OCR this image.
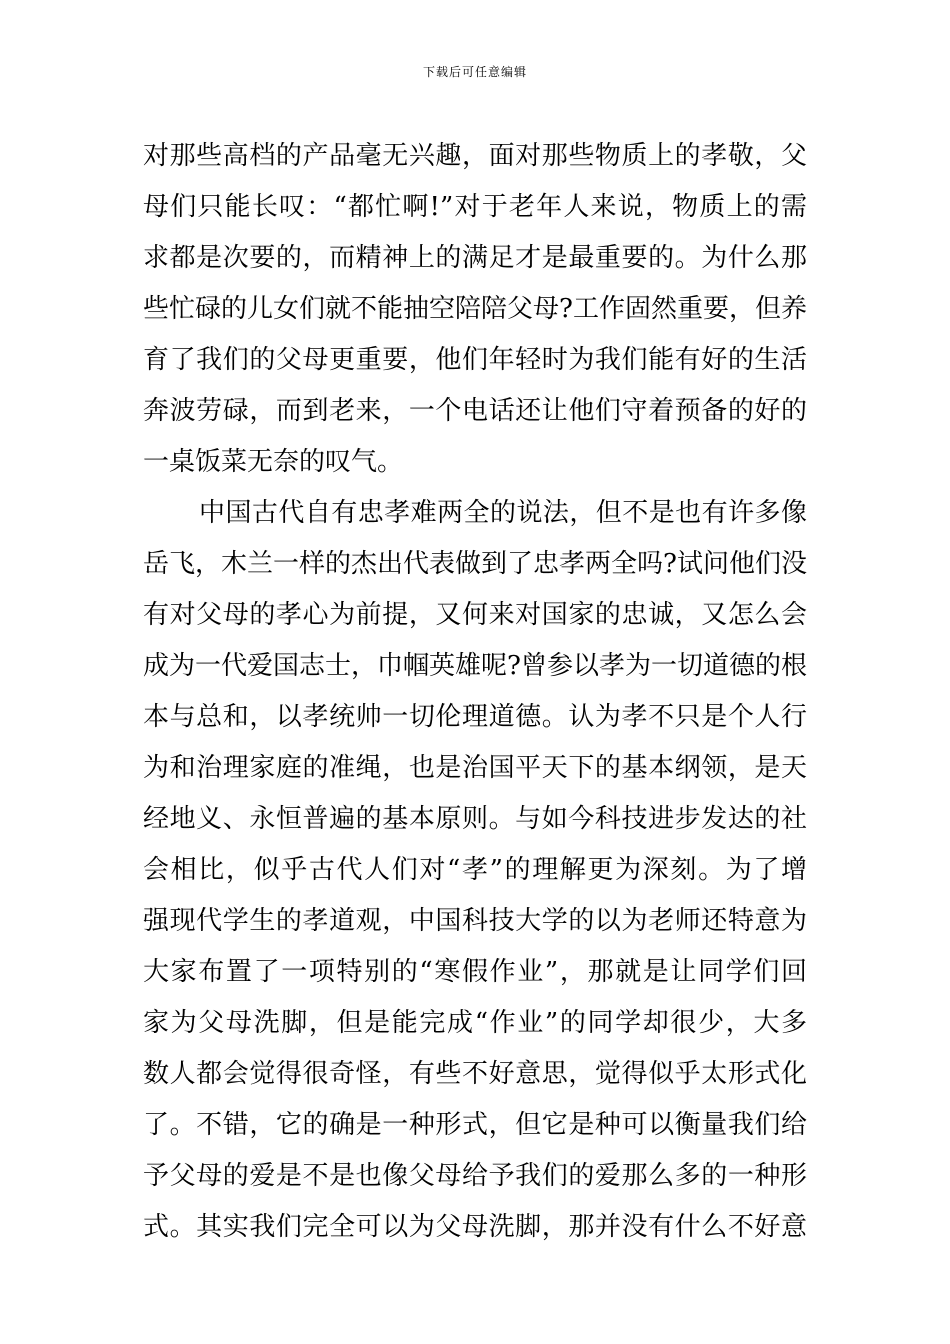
下载后可任意编辑
对那些高档的产品毫无兴趣，面对那些物质上的孝敬，父
母们只能长叹：“都忙啊!”对于老年人来说，物质上的需
求都是次要的，而精神上的满足才是最重要的。为什么那
些忙碌的儿女们就不能抽空陪陪父母?工作固然重要，但养
育了我们的父母更重要，他们年轻时为我们能有好的生活
奔波劳碌，而到老来，一个电话还让他们守着预备的好的
一桌饭菜无奈的叹气。
中国古代自有忠孝难两全的说法，但不是也有许多像
岳飞，木兰一样的杰出代表做到了忠孝两全吗?试问他们没
有对父母的孝心为前提，又何来对国家的忠诚，又怎么会
成为一代爱国志士，巾帼英雄呢?曾参以孝为一切道德的根
本与总和，以孝统帅一切伦理道德。认为孝不只是个人行
为和治理家庭的准绳，也是治国平天下的基本纲领，是天
经地义、永恒普遍的基本原则。与如今科技进步发达的社
会相比，似乎古代人们对“孝”的理解更为深刻。为了增
强现代学生的孝道观，中国科技大学的以为老师还特意为
大家布置了一项特别的“寒假作业”，那就是让同学们回
家为父母洗脚，但是能完成“作业”的同学却很少，大多
数人都会觉得很奇怪，有些不好意思，觉得似乎太形式化
了。不错，它的确是一种形式，但它是种可以衡量我们给
予父母的爱是不是也像父母给予我们的爱那么多的一种形
式。其实我们完全可以为父母洗脚，那并没有什么不好意
